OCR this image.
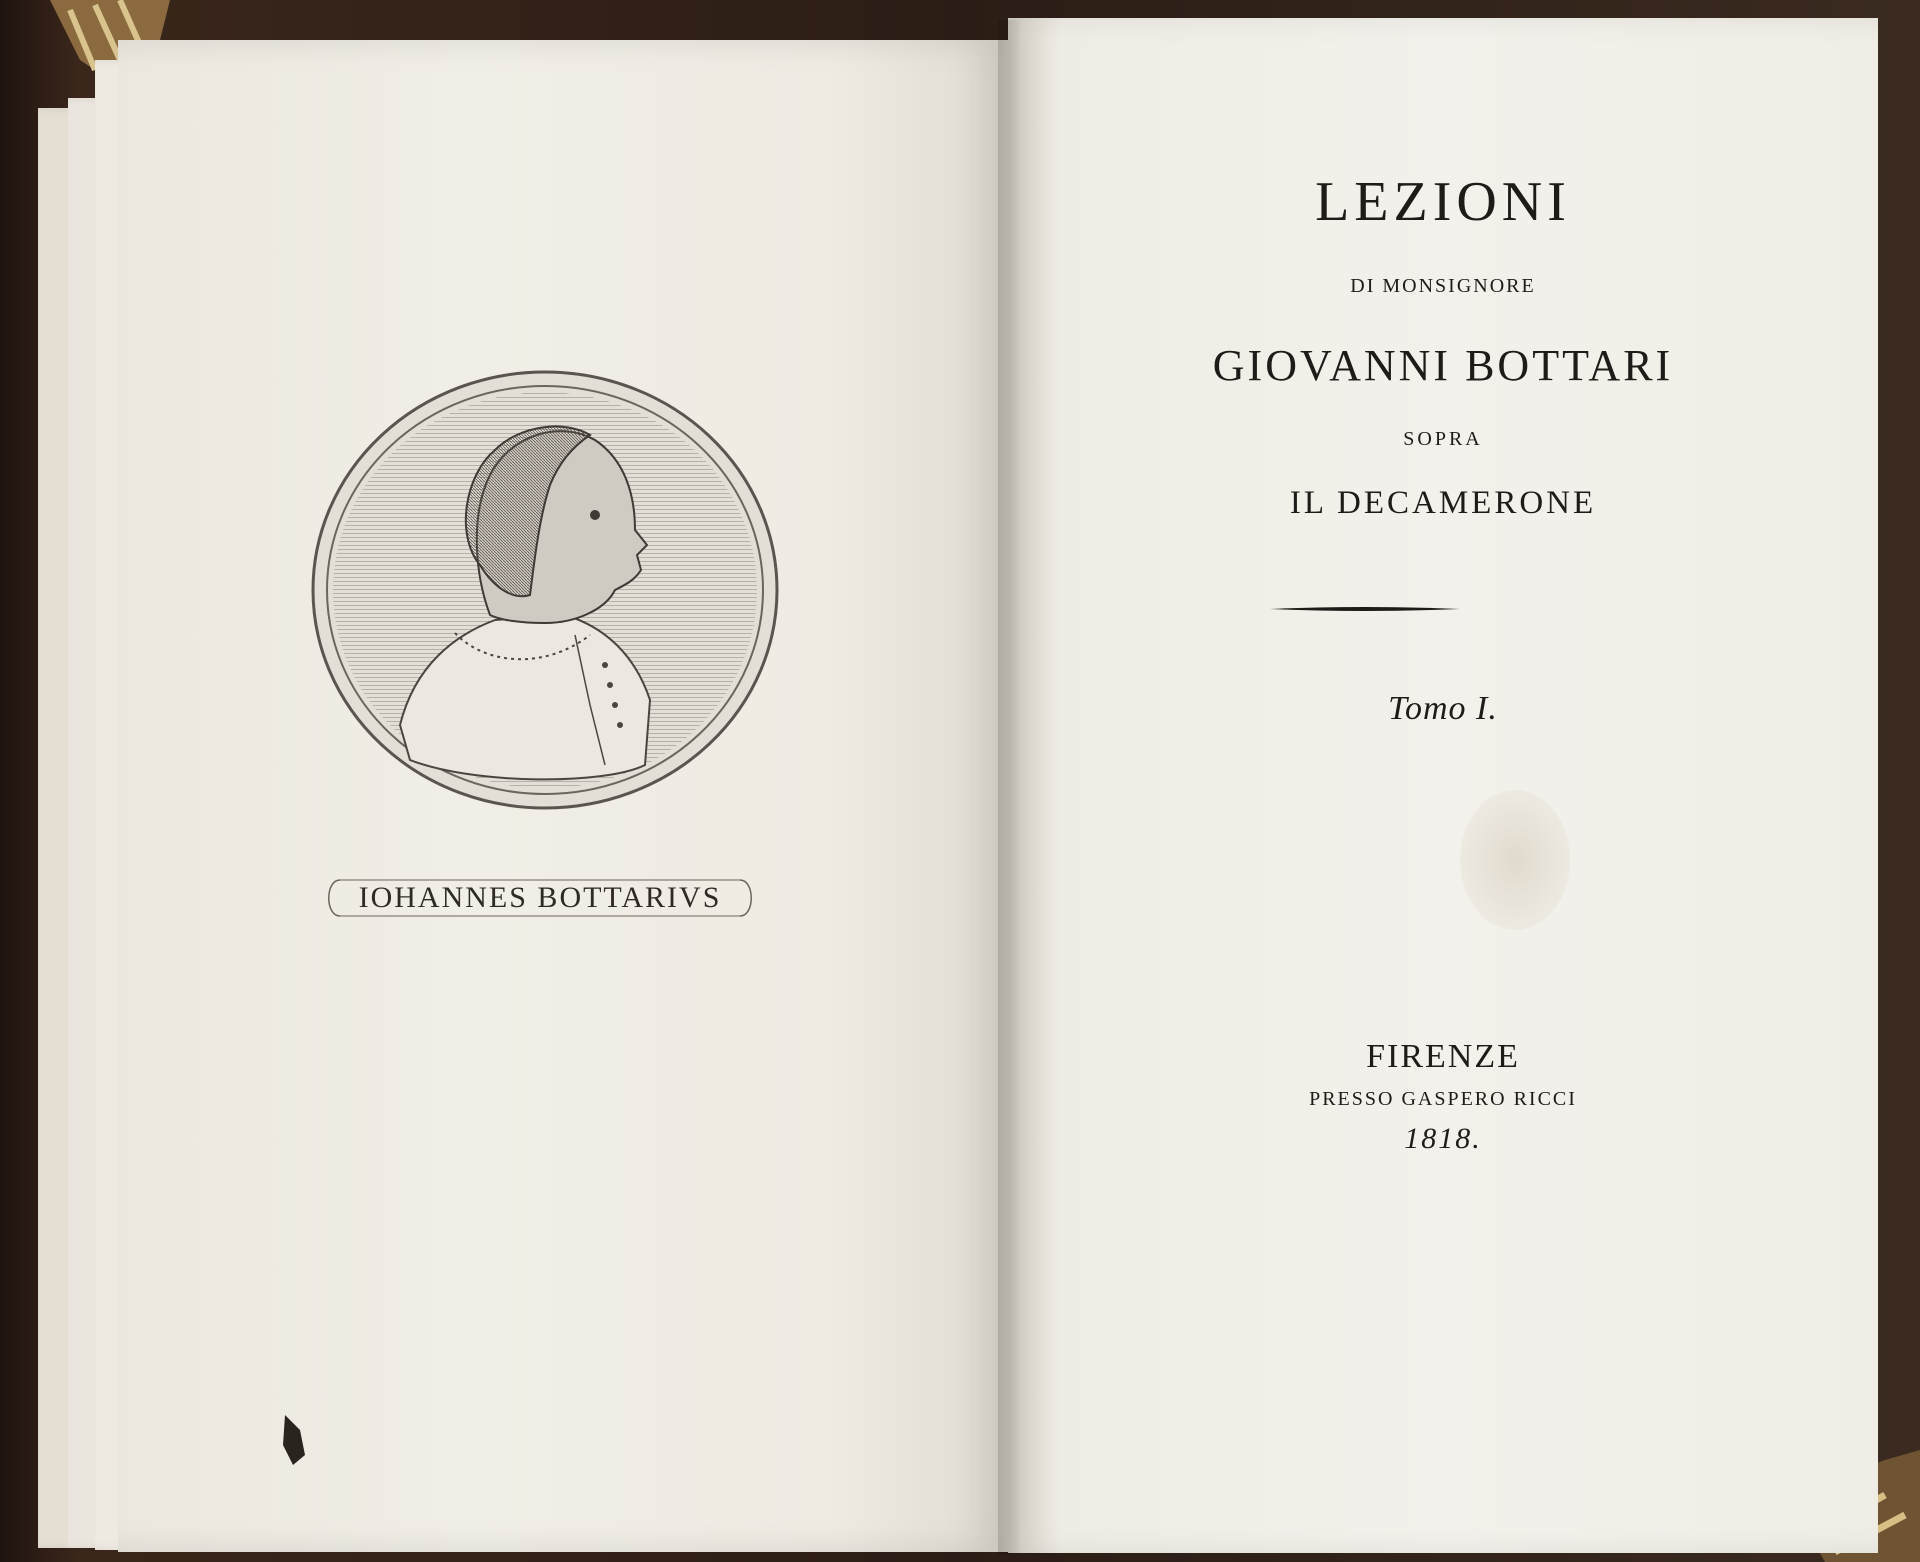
IOHANNES BOTTARIVS
LEZIONI
DI MONSIGNORE
GIOVANNI BOTTARI
SOPRA
IL DECAMERONE
Tomo I.
FIRENZE
PRESSO GASPERO RICCI
1818.
